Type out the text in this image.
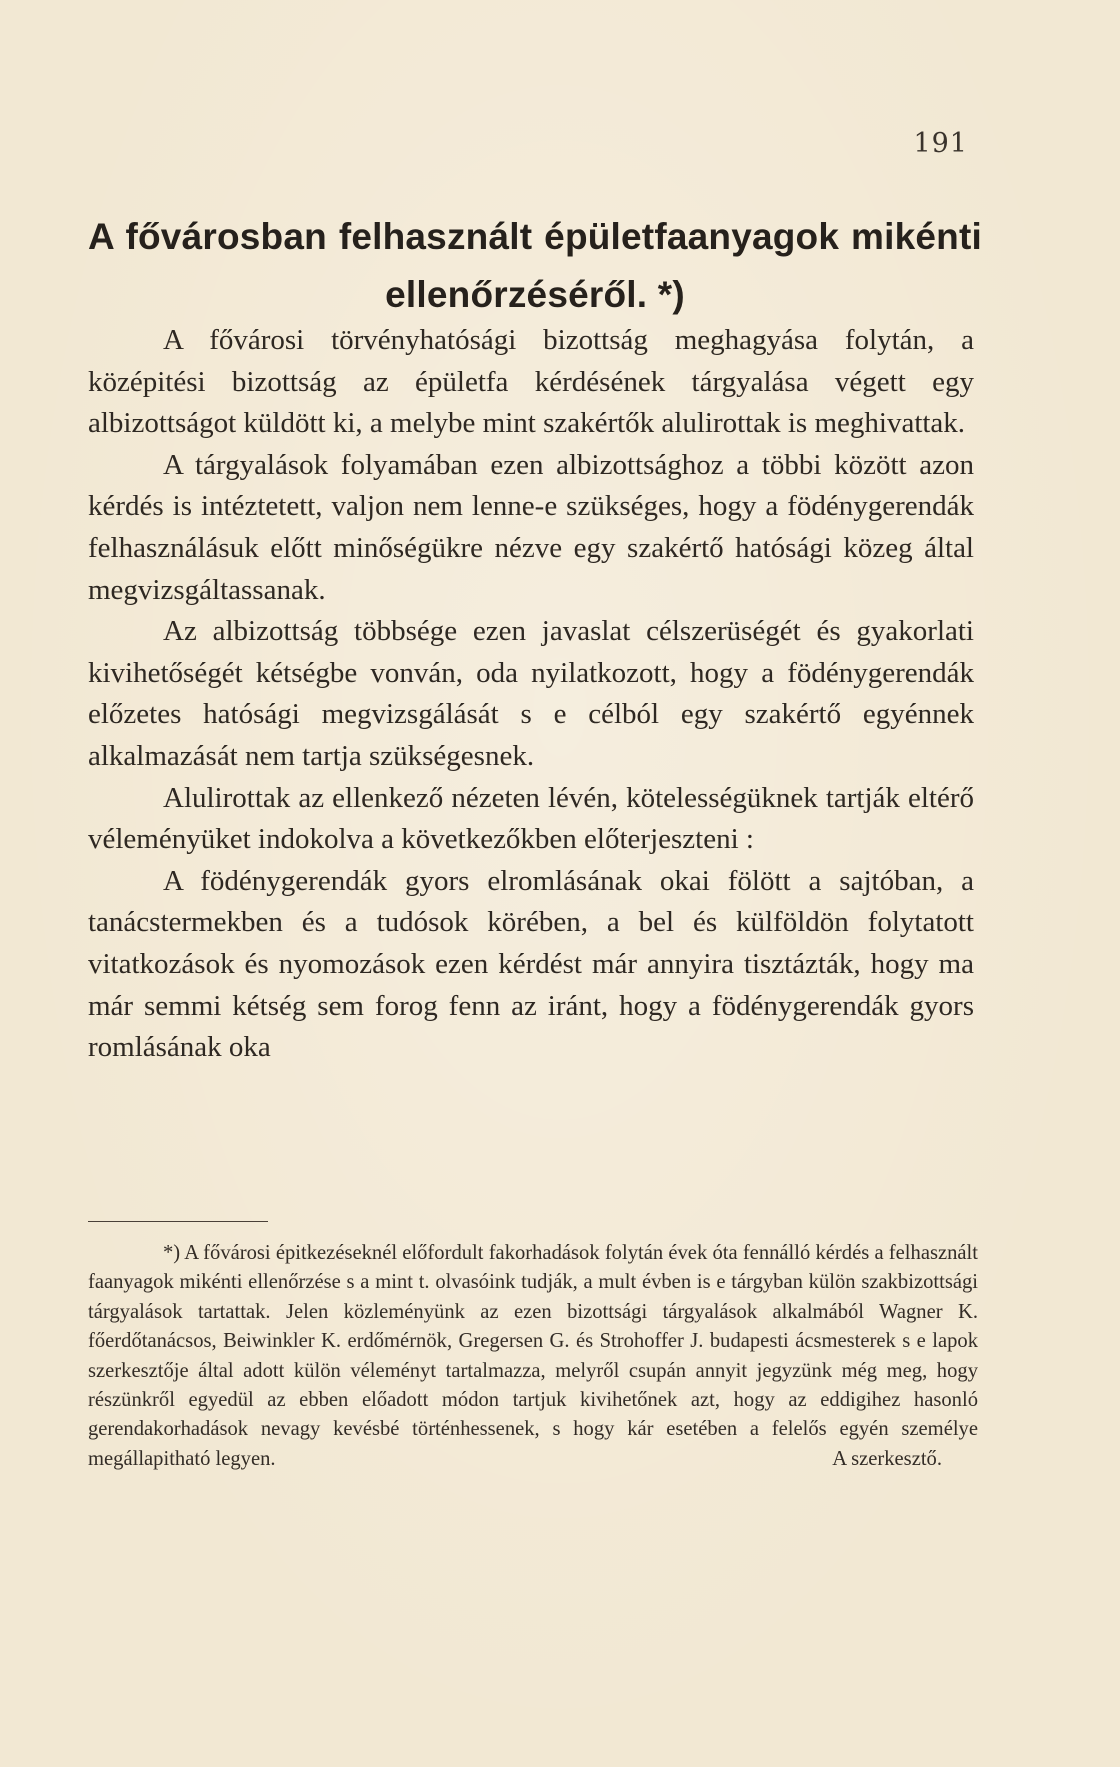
191
A fővárosban felhasznált épületfaanyagok mikénti
ellenőrzéséről. *)

A fővárosi törvényhatósági bizottság meghagyása folytán, a középitési bizottság az épületfa kérdésének tárgyalása végett egy albizottságot küldött ki, a melybe mint szakértők alulirottak is meghivattak.

A tárgyalások folyamában ezen albizottsághoz a többi között azon kérdés is intéztetett, valjon nem lenne-e szükséges, hogy a födénygerendák felhasználásuk előtt minőségükre nézve egy szakértő hatósági közeg által megvizsgáltassanak.

Az albizottság többsége ezen javaslat célszerüségét és gyakorlati kivihetőségét kétségbe vonván, oda nyilatkozott, hogy a födénygerendák előzetes hatósági megvizsgálását s e célból egy szakértő egyénnek alkalmazását nem tartja szükségesnek.

Alulirottak az ellenkező nézeten lévén, kötelességüknek tartják eltérő véleményüket indokolva a következőkben előterjeszteni :

A födénygerendák gyors elromlásának okai fölött a sajtóban, a tanácstermekben és a tudósok körében, a bel és külföldön folytatott vitatkozások és nyomozások ezen kérdést már annyira tisztázták, hogy ma már semmi kétség sem forog fenn az iránt, hogy a födénygerendák gyors romlásának oka

*) A fővárosi épitkezéseknél előfordult fakorhadások folytán évek óta fennálló kérdés a felhasznált faanyagok mikénti ellenőrzése s a mint t. olvasóink tudják, a mult évben is e tárgyban külön szakbizottsági tárgyalások tartattak. Jelen közleményünk az ezen bizottsági tárgyalások alkalmából Wagner K. főerdőtanácsos, Beiwinkler K. erdőmérnök, Gregersen G. és Strohoffer J. budapesti ácsmesterek s e lapok szerkesztője által adott külön véleményt tartalmazza, melyről csupán annyit jegyzünk még meg, hogy részünkről egyedül az ebben előadott módon tartjuk kivihetőnek azt, hogy az eddigihez hasonló gerendakorhadások nevagy kevésbé történhessenek, s hogy kár esetében a felelős egyén személye megállapitható legyen.	A szerkesztő.
